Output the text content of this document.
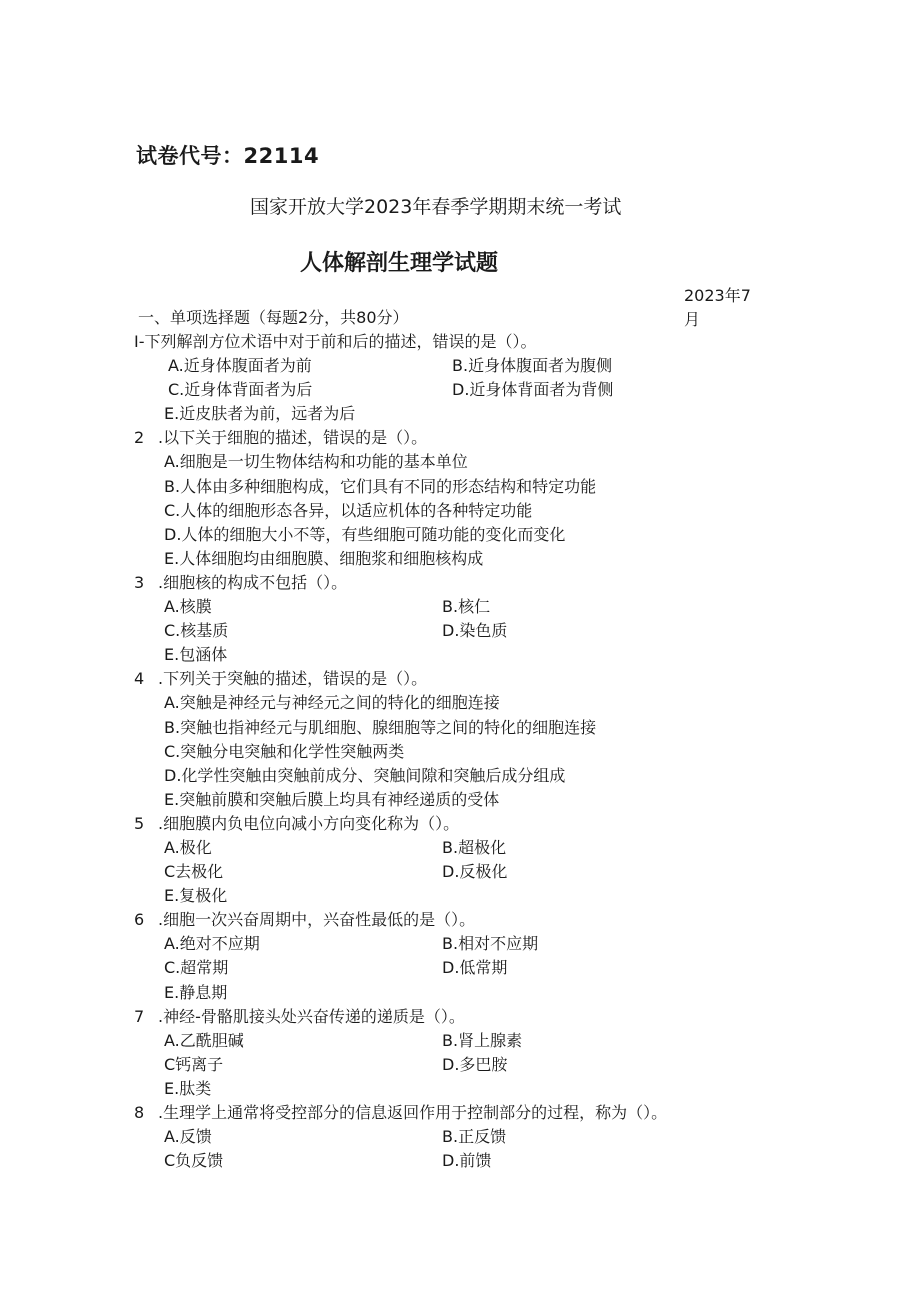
试卷代号：22114
国家开放大学2023年春季学期期末统一考试
人体解剖生理学试题
2023年7
月
一、单项选择题（每题2分，共80分）
I-下列解剖方位术语中对于前和后的描述，错误的是（）。
A.近身体腹面者为前	B.近身体腹面者为腹侧
C.近身体背面者为后	D.近身体背面者为背侧
E.近皮肤者为前，远者为后
2 .以下关于细胞的描述，错误的是（）。
A.细胞是一切生物体结构和功能的基本单位
B.人体由多种细胞构成，它们具有不同的形态结构和特定功能
C.人体的细胞形态各异，以适应机体的各种特定功能
D.人体的细胞大小不等，有些细胞可随功能的变化而变化
E.人体细胞均由细胞膜、细胞浆和细胞核构成
3 .细胞核的构成不包括（）。
A.核膜	B.核仁
C.核基质	D.染色质
E.包涵体
4 .下列关于突触的描述，错误的是（）。
A.突触是神经元与神经元之间的特化的细胞连接
B.突触也指神经元与肌细胞、腺细胞等之间的特化的细胞连接
C.突触分电突触和化学性突触两类
D.化学性突触由突触前成分、突触间隙和突触后成分组成
E.突触前膜和突触后膜上均具有神经递质的受体
5 .细胞膜内负电位向减小方向变化称为（）。
A.极化	B.超极化
C去极化	D.反极化
E.复极化
6 .细胞一次兴奋周期中，兴奋性最低的是（）。
A.绝对不应期	B.相对不应期
C.超常期	D.低常期
E.静息期
7 .神经-骨骼肌接头处兴奋传递的递质是（）。
A.乙酰胆碱	B.肾上腺素
C钙离子	D.多巴胺
E.肽类
8 .生理学上通常将受控部分的信息返回作用于控制部分的过程，称为（）。
A.反馈	B.正反馈
C负反馈	D.前馈
